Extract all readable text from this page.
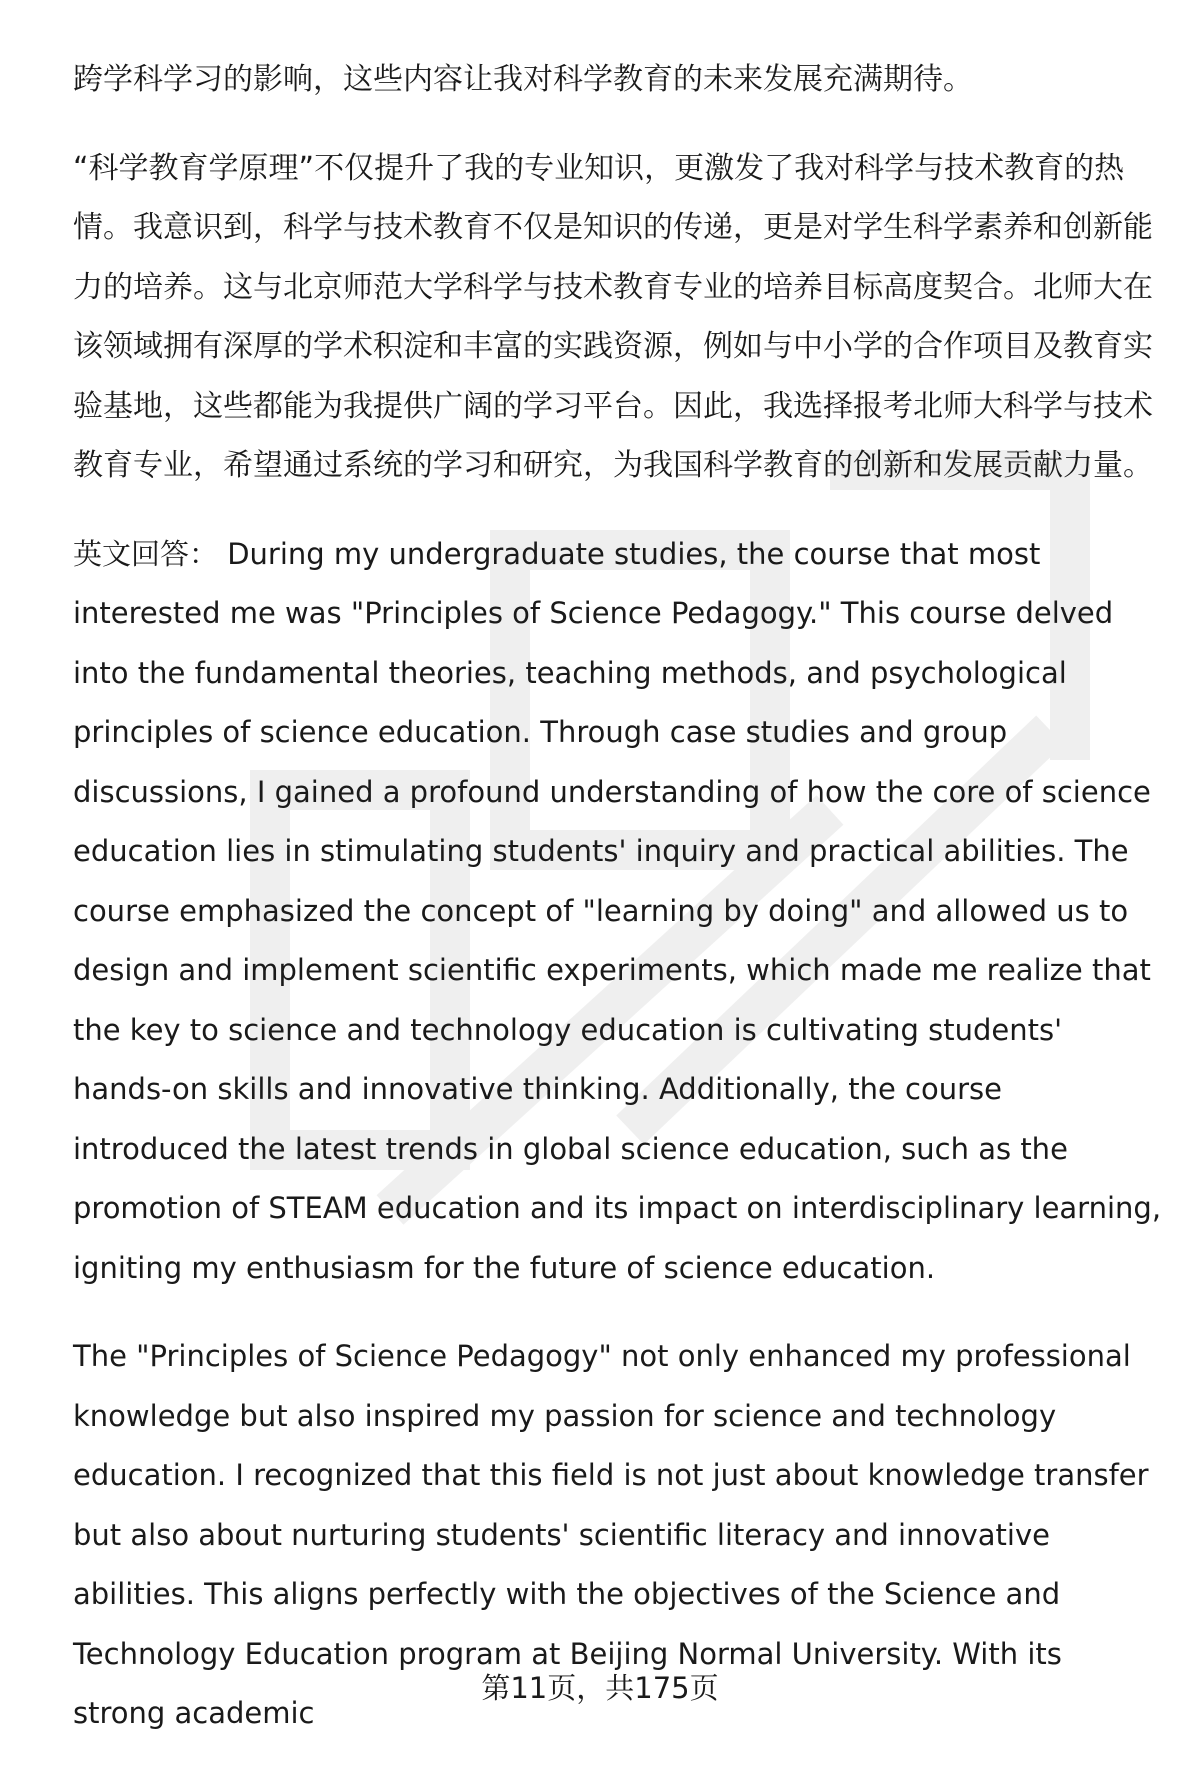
跨学科学习的影响，这些内容让我对科学教育的未来发展充满期待。

“科学教育学原理”不仅提升了我的专业知识，更激发了我对科学与技术教育的热情。我意识到，科学与技术教育不仅是知识的传递，更是对学生科学素养和创新能力的培养。这与北京师范大学科学与技术教育专业的培养目标高度契合。北师大在该领域拥有深厚的学术积淀和丰富的实践资源，例如与中小学的合作项目及教育实验基地，这些都能为我提供广阔的学习平台。因此，我选择报考北师大科学与技术教育专业，希望通过系统的学习和研究，为我国科学教育的创新和发展贡献力量。

英文回答： During my undergraduate studies, the course that most interested me was "Principles of Science Pedagogy." This course delved into the fundamental theories, teaching methods, and psychological principles of science education. Through case studies and group discussions, I gained a profound understanding of how the core of science education lies in stimulating students' inquiry and practical abilities. The course emphasized the concept of "learning by doing" and allowed us to design and implement scientific experiments, which made me realize that the key to science and technology education is cultivating students' hands-on skills and innovative thinking. Additionally, the course introduced the latest trends in global science education, such as the promotion of STEAM education and its impact on interdisciplinary learning, igniting my enthusiasm for the future of science education.

The "Principles of Science Pedagogy" not only enhanced my professional knowledge but also inspired my passion for science and technology education. I recognized that this field is not just about knowledge transfer but also about nurturing students' scientific literacy and innovative abilities. This aligns perfectly with the objectives of the Science and Technology Education program at Beijing Normal University. With its strong academic

第11页，共175页
